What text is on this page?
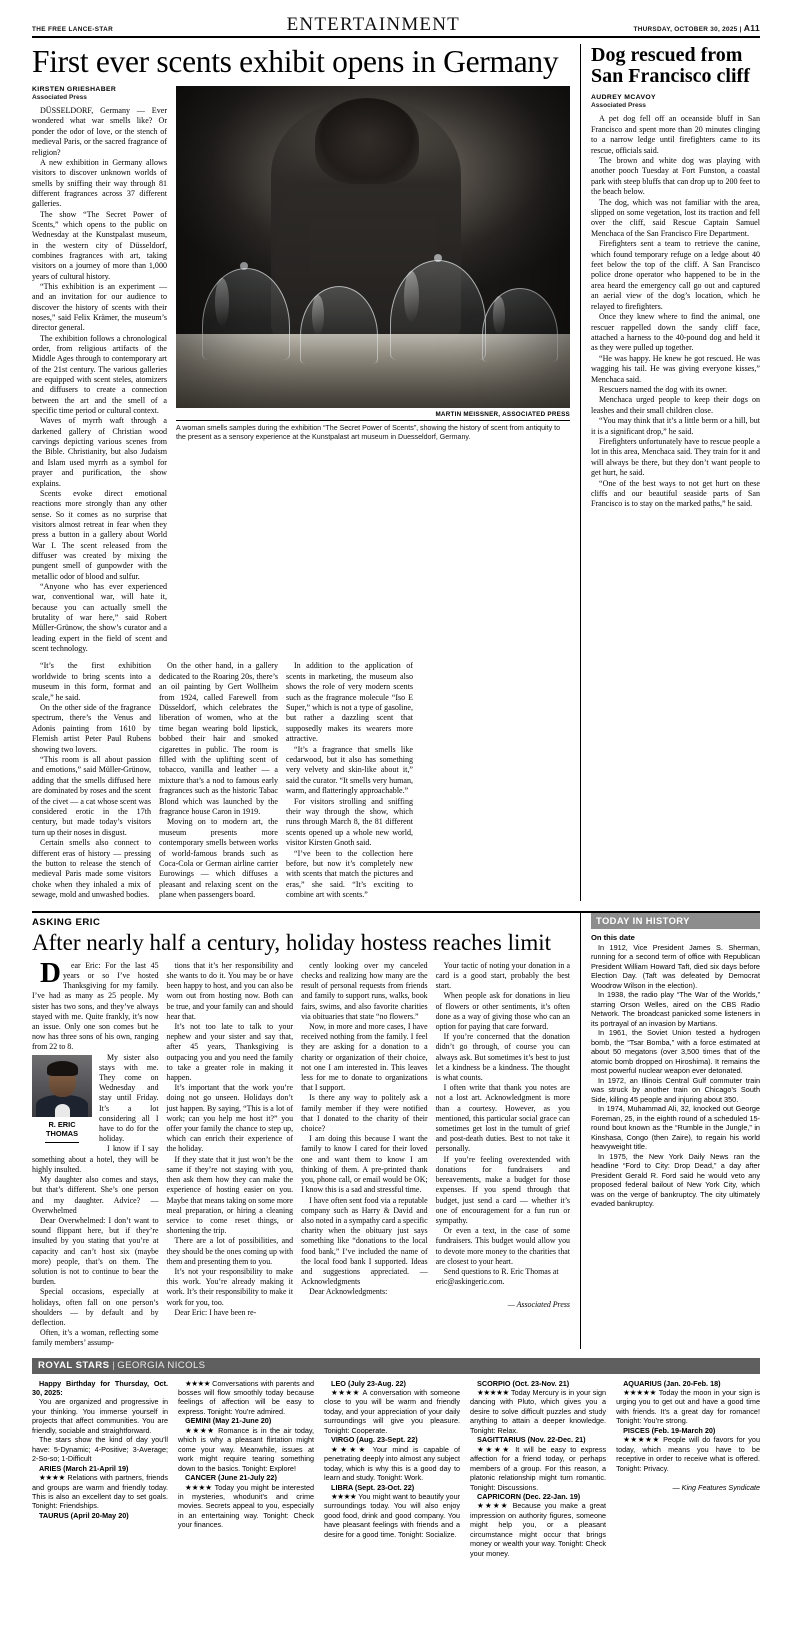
THE FREE LANCE-STAR	ENTERTAINMENT	THURSDAY, OCTOBER 30, 2025 | A11
First ever scents exhibit opens in Germany
KIRSTEN GRIESHABER
Associated Press

DÜSSELDORF, Germany — Ever wondered what war smells like? Or ponder the odor of love, or the stench of medieval Paris, or the sacred fragrance of religion?

A new exhibition in Germany allows visitors to discover unknown worlds of smells by sniffing their way through 81 different fragrances across 37 different galleries.

The show “The Secret Power of Scents,” which opens to the public on Wednesday at the Kunstpalast museum, in the western city of Düsseldorf, combines fragrances with art, taking visitors on a journey of more than 1,000 years of cultural history.

“This exhibition is an experiment — and an invitation for our audience to discover the history of scents with their noses,” said Felix Krämer, the museum’s director general.

The exhibition follows a chronological order, from religious artifacts of the Middle Ages through to contemporary art of the 21st century. The various galleries are equipped with scent steles, atomizers and diffusers to create a connection between the art and the smell of a specific time period or cultural context.

Waves of myrrh waft through a darkened gallery of Christian wood carvings depicting various scenes from the Bible. Christianity, but also Judaism and Islam used myrrh as a symbol for prayer and purification, the show explains.

Scents evoke direct emotional reactions more strongly than any other sense. So it comes as no surprise that visitors almost retreat in fear when they press a button in a gallery about World War I. The scent released from the diffuser was created by mixing the pungent smell of gunpowder with the metallic odor of blood and sulfur.

“Anyone who has ever experienced war, conventional war, will hate it, because you can actually smell the brutality of war here,” said Robert Müller-Grünow, the show’s curator and a leading expert in the field of scent and scent technology.

MARTIN MEISSNER, ASSOCIATED PRESS
A woman smells samples during the exhibition “The Secret Power of Scents”, showing the history of scent from antiquity to the present as a sensory experience at the Kunstpalast art museum in Duesseldorf, Germany.

“It’s the first exhibition worldwide to bring scents into a museum in this form, format and scale,” he said.

On the other side of the fragrance spectrum, there’s the Venus and Adonis painting from 1610 by Flemish artist Peter Paul Rubens showing two lovers.

“This room is all about passion and emotions,” said Müller-Grünow, adding that the smells diffused here are dominated by roses and the scent of the civet — a cat whose scent was considered erotic in the 17th century, but made today’s visitors turn up their noses in disgust.

Certain smells also connect to different eras of history — pressing the button to release the stench of medieval Paris made some visitors choke when they inhaled a mix of sewage, mold and unwashed bodies.

On the other hand, in a gallery dedicated to the Roaring 20s, there’s an oil painting by Gert Wollheim from 1924, called Farewell from Düsseldorf, which celebrates the liberation of women, who at the time began wearing bold lipstick, bobbed their hair and smoked cigarettes in public. The room is filled with the uplifting scent of tobacco, vanilla and leather — a mixture that’s a nod to famous early fragrances such as the historic Tabac Blond which was launched by the fragrance house Caron in 1919.

Moving on to modern art, the museum presents more contemporary smells between works of world-famous brands such as Coca-Cola or German airline carrier Eurowings — which diffuses a pleasant and relaxing scent on the plane when passengers board.

In addition to the application of scents in marketing, the museum also shows the role of very modern scents such as the fragrance molecule “Iso E Super,” which is not a type of gasoline, but rather a dazzling scent that supposedly makes its wearers more attractive.

“It’s a fragrance that smells like cedarwood, but it also has something very velvety and skin-like about it,” said the curator. “It smells very human, warm, and flatteringly approachable.”

For visitors strolling and sniffing their way through the show, which runs through March 8, the 81 different scents opened up a whole new world, visitor Kirsten Gnoth said.

“I’ve been to the collection here before, but now it’s completely new with scents that match the pictures and eras,” she said. “It’s exciting to combine art with scents.”

Dog rescued from San Francisco cliff
AUDREY MCAVOY
Associated Press

A pet dog fell off an oceanside bluff in San Francisco and spent more than 20 minutes clinging to a narrow ledge until firefighters came to its rescue, officials said.

The brown and white dog was playing with another pooch Tuesday at Fort Funston, a coastal park with steep bluffs that can drop up to 200 feet to the beach below.

The dog, which was not familiar with the area, slipped on some vegetation, lost its traction and fell over the cliff, said Rescue Captain Samuel Menchaca of the San Francisco Fire Department.

Firefighters sent a team to retrieve the canine, which found temporary refuge on a ledge about 40 feet below the top of the cliff. A San Francisco police drone operator who happened to be in the area heard the emergency call go out and captured an aerial view of the dog’s location, which he relayed to firefighters.

Once they knew where to find the animal, one rescuer rappelled down the sandy cliff face, attached a harness to the 40-pound dog and held it as they were pulled up together.

“He was happy. He knew he got rescued. He was wagging his tail. He was giving everyone kisses,” Menchaca said.

Rescuers named the dog with its owner.

Menchaca urged people to keep their dogs on leashes and their small children close.

“You may think that it’s a little berm or a hill, but it is a significant drop,” he said.

Firefighters unfortunately have to rescue people a lot in this area, Menchaca said. They train for it and will always be there, but they don’t want people to get hurt, he said.

“One of the best ways to not get hurt on these cliffs and our beautiful seaside parts of San Francisco is to stay on the marked paths,” he said.

ASKING ERIC
After nearly half a century, holiday hostess reaches limit

Dear Eric: For the last 45 years or so I’ve hosted Thanksgiving for my family. I’ve had as many as 25 people. My sister has two sons, and they’ve always stayed with me. Quite frankly, it’s now an issue. Only one son comes but he now has three sons of his own, ranging from 22 to 8.

R. ERIC
THOMAS

My sister also stays with me. They come on Wednesday and stay until Friday. It’s a lot considering all I have to do for the holiday.

I know if I say something about a hotel, they will be highly insulted.

My daughter also comes and stays, but that’s different. She’s one person and my daughter. Advice? — Overwhelmed

Dear Overwhelmed: I don’t want to sound flippant here, but if they’re insulted by you stating that you’re at capacity and can’t host six (maybe more) people, that’s on them. The solution is not to continue to bear the burden.

Special occasions, especially at holidays, often fall on one person’s shoulders — by default and by deflection.

Often, it’s a woman, reflecting some family members’ assump-

tions that it’s her responsibility and she wants to do it. You may be or have been happy to host, and you can also be worn out from hosting now. Both can be true, and your family can and should hear that.

It’s not too late to talk to your nephew and your sister and say that, after 45 years, Thanksgiving is outpacing you and you need the family to take a greater role in making it happen.

It’s important that the work you’re doing not go unseen. Holidays don’t just happen. By saying, “This is a lot of work; can you help me host it?” you offer your family the chance to step up, which can enrich their experience of the holiday.

If they state that it just won’t be the same if they’re not staying with you, then ask them how they can make the experience of hosting easier on you. Maybe that means taking on some more meal preparation, or hiring a cleaning service to come reset things, or shortening the trip.

There are a lot of possibilities, and they should be the ones coming up with them and presenting them to you.

It’s not your responsibility to make this work. You’re already making it work. It’s their responsibility to make it work for you, too.

Dear Eric: I have been re-

cently looking over my canceled checks and realizing how many are the result of personal requests from friends and family to support runs, walks, book fairs, swims, and also favorite charities via obituaries that state “no flowers.”

Now, in more and more cases, I have received nothing from the family. I feel they are asking for a donation to a charity or organization of their choice, not one I am interested in. This leaves less for me to donate to organizations that I support.

Is there any way to politely ask a family member if they were notified that I donated to the charity of their choice?

I am doing this because I want the family to know I cared for their loved one and want them to know I am thinking of them. A pre-printed thank you, phone call, or email would be OK; I know this is a sad and stressful time.

I have often sent food via a reputable company such as Harry & David and also noted in a sympathy card a specific charity when the obituary just says something like “donations to the local food bank,” I’ve included the name of the local food bank I supported. Ideas and suggestions appreciated. — Acknowledgments

Dear Acknowledgments:

Your tactic of noting your donation in a card is a good start, probably the best start.

When people ask for donations in lieu of flowers or other sentiments, it’s often done as a way of giving those who can an option for paying that care forward.

If you’re concerned that the donation didn’t go through, of course you can always ask. But sometimes it’s best to just let a kindness be a kindness. The thought is what counts.

I often write that thank you notes are not a lost art. Acknowledgment is more than a courtesy. However, as you mentioned, this particular social grace can sometimes get lost in the tumult of grief and post-death duties. Best to not take it personally.

If you’re feeling overextended with donations for fundraisers and bereavements, make a budget for those expenses. If you spend through that budget, just send a card — whether it’s one of encouragement for a fun run or sympathy.

Or even a text, in the case of some fundraisers. This budget would allow you to devote more money to the charities that are closest to your heart.

Send questions to R. Eric Thomas at eric@askingeric.com.

— Associated Press

TODAY IN HISTORY
On this date

In 1912, Vice President James S. Sherman, running for a second term of office with Republican President William Howard Taft, died six days before Election Day. (Taft was defeated by Democrat Woodrow Wilson in the election).

In 1938, the radio play “The War of the Worlds,” starring Orson Welles, aired on the CBS Radio Network. The broadcast panicked some listeners in its portrayal of an invasion by Martians.

In 1961, the Soviet Union tested a hydrogen bomb, the “Tsar Bomba,” with a force estimated at about 50 megatons (over 3,500 times that of the atomic bomb dropped on Hiroshima). It remains the most powerful nuclear weapon ever detonated.

In 1972, an Illinois Central Gulf commuter train was struck by another train on Chicago’s South Side, killing 45 people and injuring about 350.

In 1974, Muhammad Ali, 32, knocked out George Foreman, 25, in the eighth round of a scheduled 15-round bout known as the “Rumble in the Jungle,” in Kinshasa, Congo (then Zaire), to regain his world heavyweight title.

In 1975, the New York Daily News ran the headline “Ford to City: Drop Dead,” a day after President Gerald R. Ford said he would veto any proposed federal bailout of New York City, which was on the verge of bankruptcy. The city ultimately evaded bankruptcy.

ROYAL STARS | GEORGIA NICOLS

Happy Birthday for Thursday, Oct. 30, 2025:

You are organized and progressive in your thinking. You immerse yourself in projects that affect communities. You are friendly, sociable and straightforward.

The stars show the kind of day you’ll have: 5-Dynamic; 4-Positive; 3-Average; 2-So-so; 1-Difficult

ARIES (March 21-April 19)

★★★★ Relations with partners, friends and groups are warm and friendly today. This is also an excellent day to set goals. Tonight: Friendships.

TAURUS (April 20-May 20)

★★★★ Conversations with parents and bosses will flow smoothly today because feelings of affection will be easy to express. Tonight: You’re admired.

GEMINI (May 21-June 20)

★★★★ Romance is in the air today, which is why a pleasant flirtation might come your way. Meanwhile, issues at work might require tearing something down to the basics. Tonight: Explore!

CANCER (June 21-July 22)

★★★★ Today you might be interested in mysteries, whodunit’s and crime movies. Secrets appeal to you, especially in an entertaining way. Tonight: Check your finances.

LEO (July 23-Aug. 22)

★★★★ A conversation with someone close to you will be warm and friendly today, and your appreciation of your daily surroundings will give you pleasure. Tonight: Cooperate.

VIRGO (Aug. 23-Sept. 22)

★★★★ Your mind is capable of penetrating deeply into almost any subject today, which is why this is a good day to learn and study. Tonight: Work.

LIBRA (Sept. 23-Oct. 22)

★★★★ You might want to beautify your surroundings today. You will also enjoy good food, drink and good company. You have pleasant feelings with friends and a desire for a good time. Tonight: Socialize.

SCORPIO (Oct. 23-Nov. 21)

★★★★★ Today Mercury is in your sign dancing with Pluto, which gives you a desire to solve difficult puzzles and study anything to attain a deeper knowledge. Tonight: Relax.

SAGITTARIUS (Nov. 22-Dec. 21)

★★★★ It will be easy to express affection for a friend today, or perhaps members of a group. For this reason, a platonic relationship might turn romantic. Tonight: Discussions.

CAPRICORN (Dec. 22-Jan. 19)

★★★★ Because you make a great impression on authority figures, someone might help you, or a pleasant circumstance might occur that brings money or wealth your way. Tonight: Check your money.

AQUARIUS (Jan. 20-Feb. 18)

★★★★★ Today the moon in your sign is urging you to get out and have a good time with friends. It’s a great day for romance! Tonight: You’re strong.

PISCES (Feb. 19-March 20)

★★★★★ People will do favors for you today, which means you have to be receptive in order to receive what is offered. Tonight: Privacy.

— King Features Syndicate
